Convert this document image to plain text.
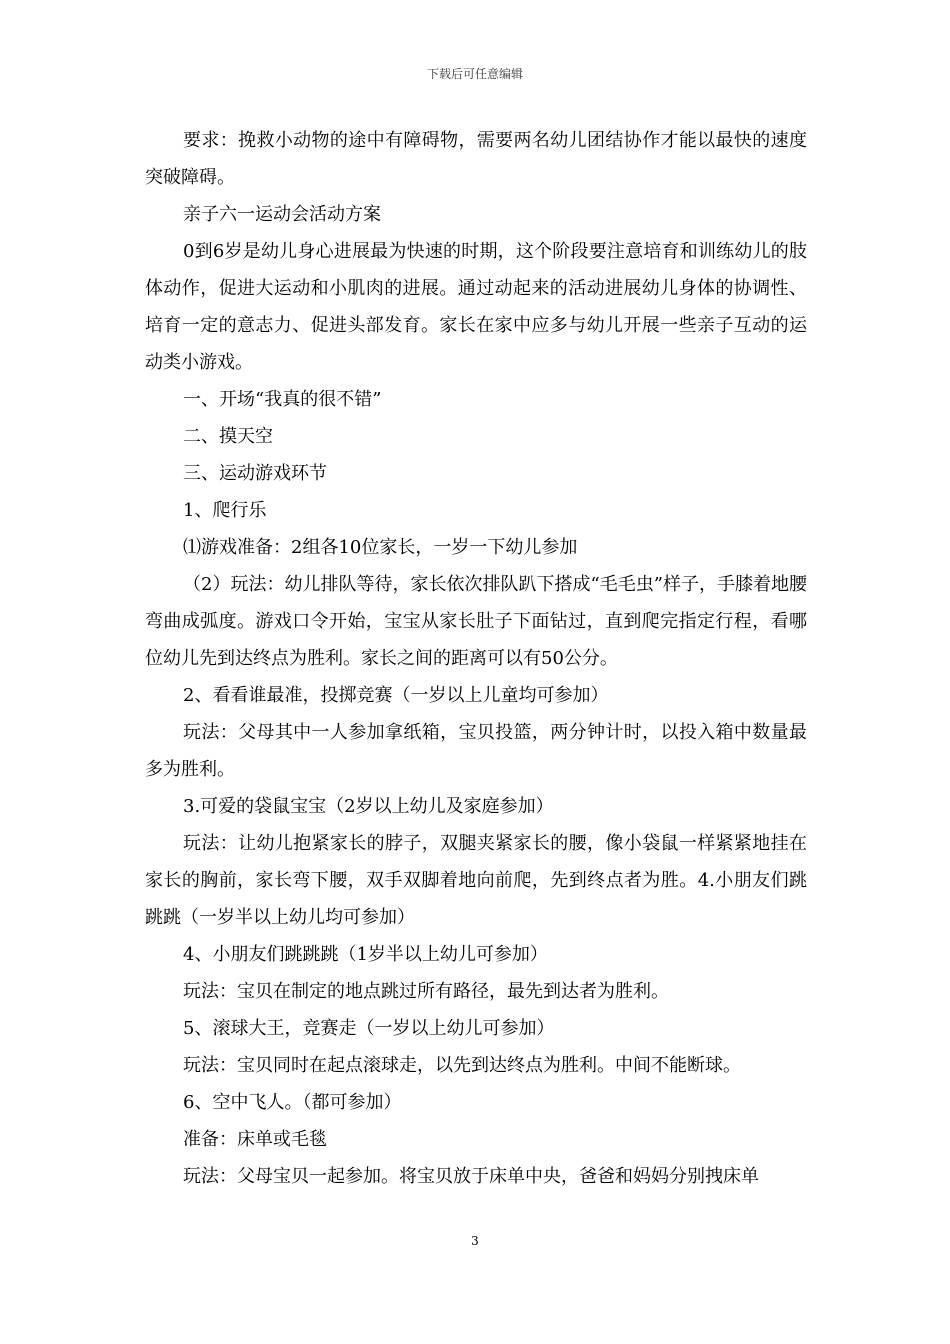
下载后可任意编辑

要求：挽救小动物的途中有障碍物，需要两名幼儿团结协作才能以最快的速度突破障碍。

亲子六一运动会活动方案

0到6岁是幼儿身心进展最为快速的时期，这个阶段要注意培育和训练幼儿的肢体动作，促进大运动和小肌肉的进展。通过动起来的活动进展幼儿身体的协调性、培育一定的意志力、促进头部发育。家长在家中应多与幼儿开展一些亲子互动的运动类小游戏。

一、开场“我真的很不错”

二、摸天空

三、运动游戏环节

1、爬行乐

⑴游戏准备：2组各10位家长，一岁一下幼儿参加

（2）玩法：幼儿排队等待，家长依次排队趴下搭成“毛毛虫”样子，手膝着地腰弯曲成弧度。游戏口令开始，宝宝从家长肚子下面钻过，直到爬完指定行程，看哪位幼儿先到达终点为胜利。家长之间的距离可以有50公分。

2、看看谁最准，投掷竞赛（一岁以上儿童均可参加）

玩法：父母其中一人参加拿纸箱，宝贝投篮，两分钟计时，以投入箱中数量最多为胜利。

3.可爱的袋鼠宝宝（2岁以上幼儿及家庭参加）

玩法：让幼儿抱紧家长的脖子，双腿夹紧家长的腰，像小袋鼠一样紧紧地挂在家长的胸前，家长弯下腰，双手双脚着地向前爬，先到终点者为胜。4.小朋友们跳跳跳（一岁半以上幼儿均可参加）

4、小朋友们跳跳跳（1岁半以上幼儿可参加）

玩法：宝贝在制定的地点跳过所有路径，最先到达者为胜利。

5、滚球大王，竞赛走（一岁以上幼儿可参加）

玩法：宝贝同时在起点滚球走，以先到达终点为胜利。中间不能断球。

6、空中飞人。（都可参加）

准备：床单或毛毯

玩法：父母宝贝一起参加。将宝贝放于床单中央，爸爸和妈妈分别拽床单

3
